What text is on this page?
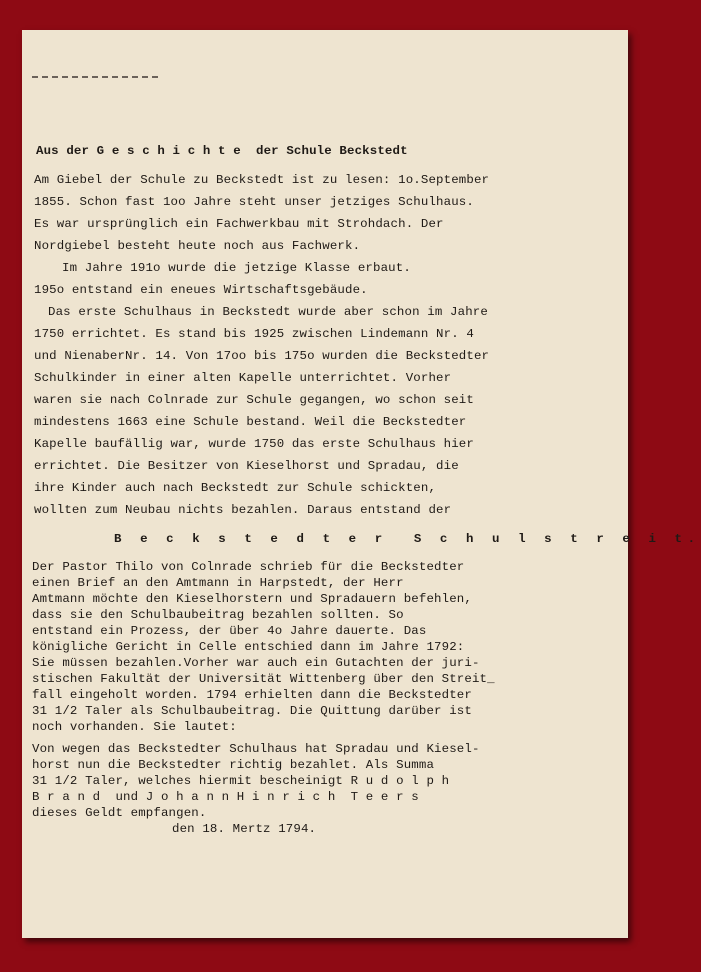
Aus der G e s c h i c h t e  der Schule Beckstedt
Am Giebel der Schule zu Beckstedt ist zu lesen: 1o.September
1855. Schon fast 1oo Jahre steht unser jetziges Schulhaus.
Es war ursprünglich ein Fachwerkbau mit Strohdach. Der
Nordgiebel besteht heute noch aus Fachwerk.
Im Jahre 191o wurde die jetzige Klasse erbaut.
195o entstand ein eneues Wirtschaftsgebäude.
Das erste Schulhaus in Beckstedt wurde aber schon im Jahre
1750 errichtet. Es stand bis 1925 zwischen Lindemann Nr. 4
und NienaberNr. 14. Von 17oo bis 175o wurden die Beckstedter
Schulkinder in einer alten Kapelle unterrichtet. Vorher
waren sie nach Colnrade zur Schule gegangen, wo schon seit
mindestens 1663 eine Schule bestand. Weil die Beckstedter
Kapelle baufällig war, wurde 1750 das erste Schulhaus hier
errichtet. Die Besitzer von Kieselhorst und Spradau, die
ihre Kinder auch nach Beckstedt zur Schule schickten,
wollten zum Neubau nichts bezahlen. Daraus entstand der
B e c k s t e d t e r  S c h u l s t r e i t.
Der Pastor Thilo von Colnrade schrieb für die Beckstedter
einen Brief an den Amtmann in Harpstedt, der Herr
Amtmann möchte den Kieselhorstern und Spradauern befehlen,
dass sie den Schulbaubeitrag bezahlen sollten. So
entstand ein Prozess, der über 4o Jahre dauerte. Das
königliche Gericht in Celle entschied dann im Jahre 1792:
Sie müssen bezahlen.Vorher war auch ein Gutachten der juri-
stischen Fakultät der Universität Wittenberg über den Streit_
fall eingeholt worden. 1794 erhielten dann die Beckstedter
31 1/2 Taler als Schulbaubeitrag. Die Quittung darüber ist
noch vorhanden. Sie lautet:
Von wegen das Beckstedter Schulhaus hat Spradau und Kiesel-
horst nun die Beckstedter richtig bezahlet. Als Summa
31 1/2 Taler, welches hiermit bescheinigt R u d o l p h
B r a n d  und J o h a n n H i n r i c h  T e e r s
dieses Geldt empfangen.
den 18. Mertz 1794.
